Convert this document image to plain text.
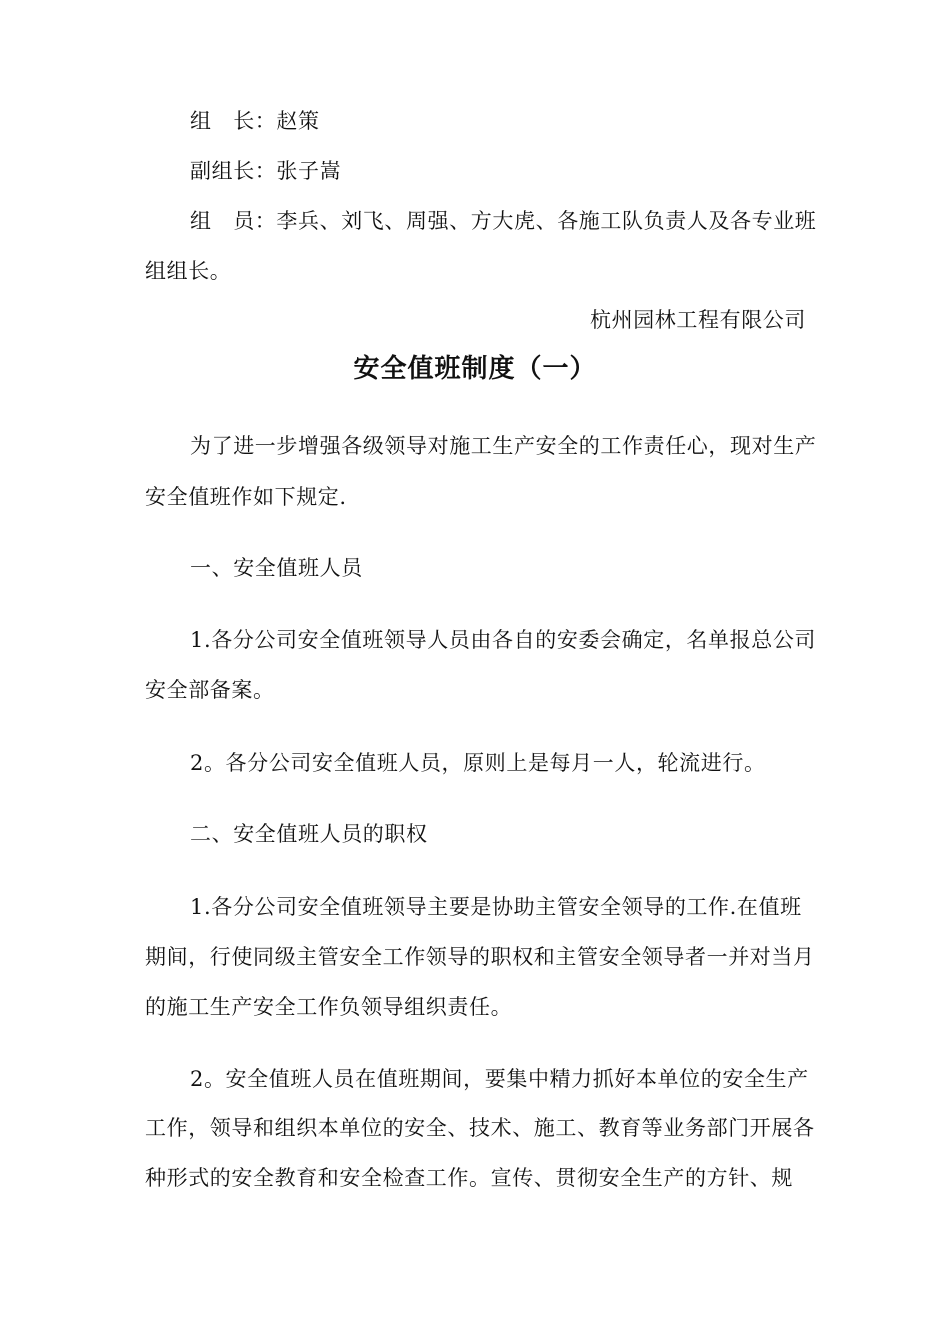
组　长：赵策
副组长：张子嵩
组　员：李兵、刘飞、周强、方大虎、各施工队负责人及各专业班
组组长。
杭州园林工程有限公司
安全值班制度（一）
为了进一步增强各级领导对施工生产安全的工作责任心，现对生产
安全值班作如下规定.
一、安全值班人员
1.各分公司安全值班领导人员由各自的安委会确定，名单报总公司
安全部备案。
2。各分公司安全值班人员，原则上是每月一人，轮流进行。
二、安全值班人员的职权
1.各分公司安全值班领导主要是协助主管安全领导的工作.在值班
期间，行使同级主管安全工作领导的职权和主管安全领导者一并对当月
的施工生产安全工作负领导组织责任。
2。安全值班人员在值班期间，要集中精力抓好本单位的安全生产
工作，领导和组织本单位的安全、技术、施工、教育等业务部门开展各
种形式的安全教育和安全检查工作。宣传、贯彻安全生产的方针、规
